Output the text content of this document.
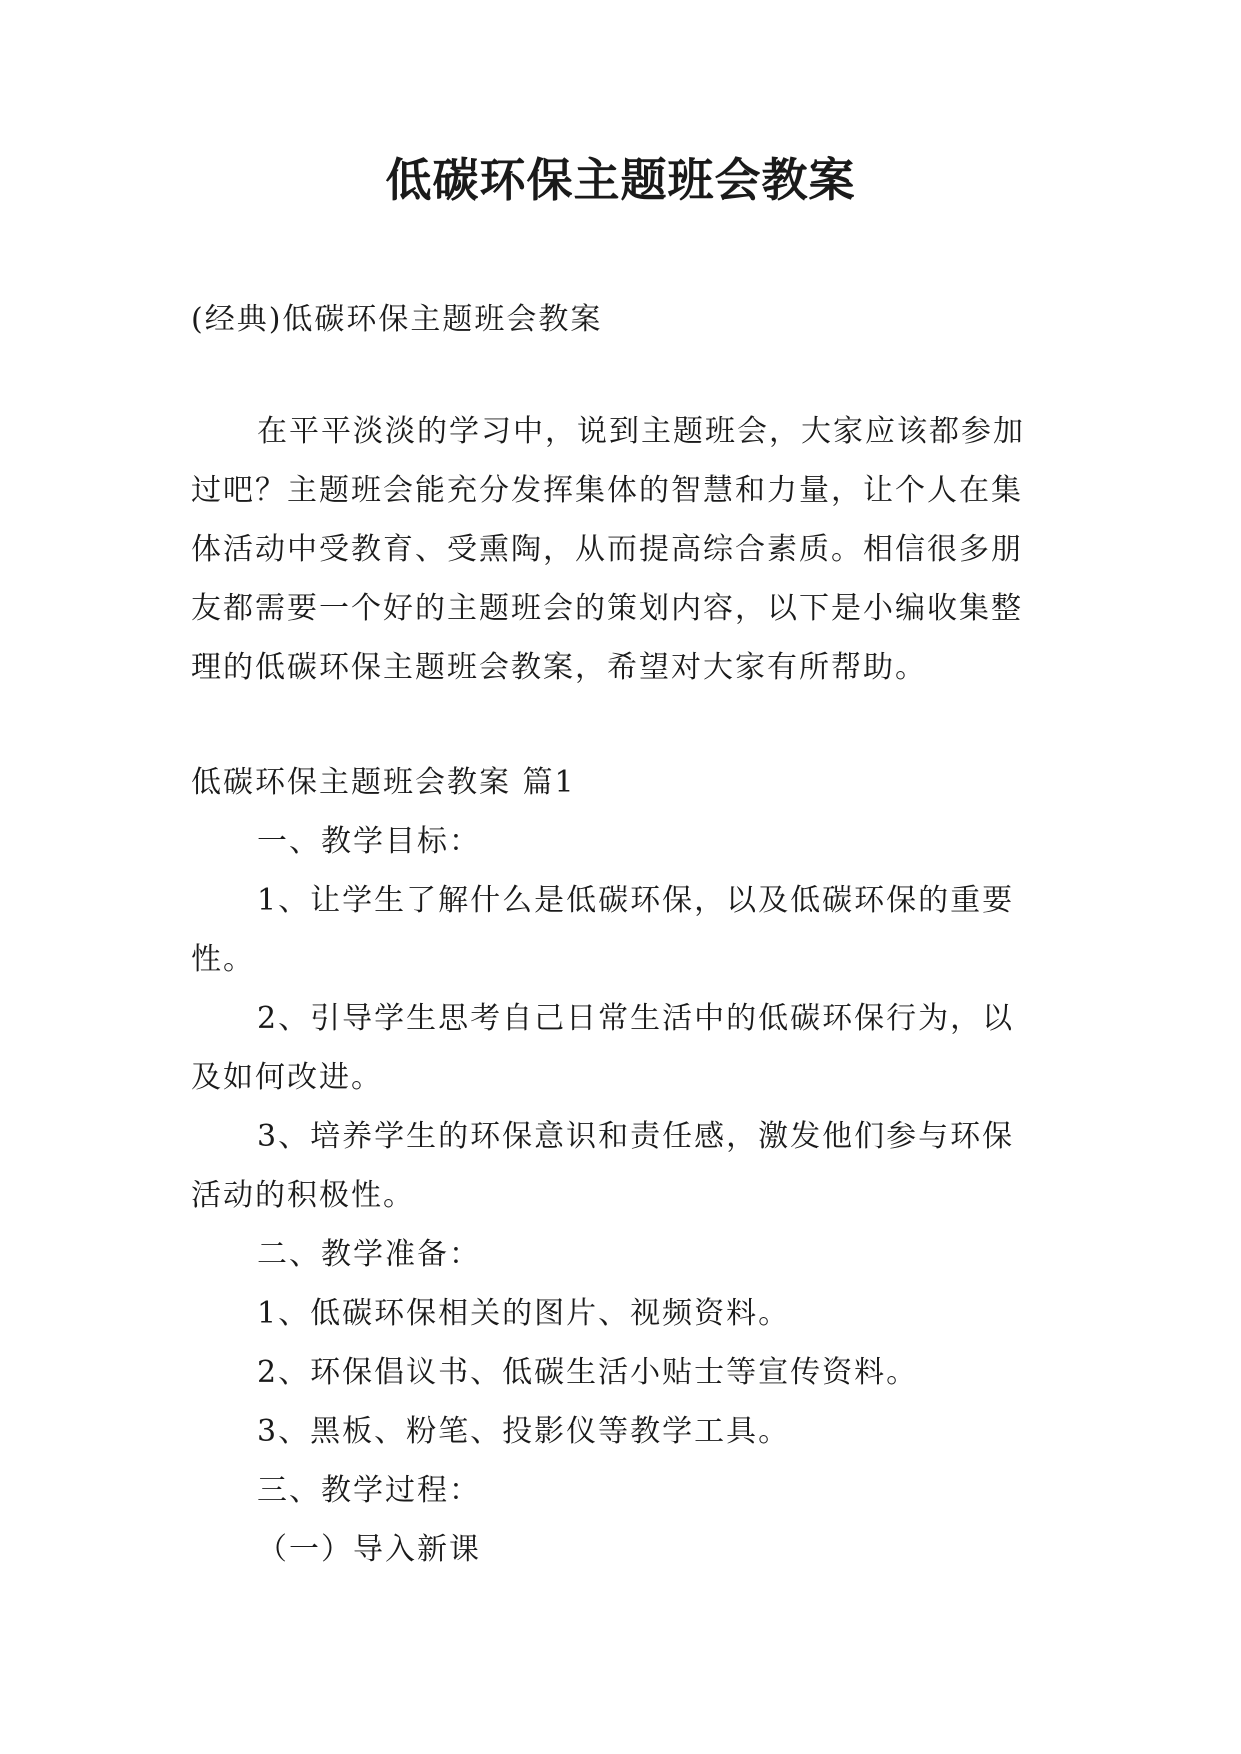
低碳环保主题班会教案
(经典)低碳环保主题班会教案
在平平淡淡的学习中，说到主题班会，大家应该都参加
过吧？主题班会能充分发挥集体的智慧和力量，让个人在集
体活动中受教育、受熏陶，从而提高综合素质。相信很多朋
友都需要一个好的主题班会的策划内容，以下是小编收集整
理的低碳环保主题班会教案，希望对大家有所帮助。
低碳环保主题班会教案 篇1
一、教学目标：
1、让学生了解什么是低碳环保，以及低碳环保的重要
性。
2、引导学生思考自己日常生活中的低碳环保行为，以
及如何改进。
3、培养学生的环保意识和责任感，激发他们参与环保
活动的积极性。
二、教学准备：
1、低碳环保相关的图片、视频资料。
2、环保倡议书、低碳生活小贴士等宣传资料。
3、黑板、粉笔、投影仪等教学工具。
三、教学过程：
（一）导入新课
